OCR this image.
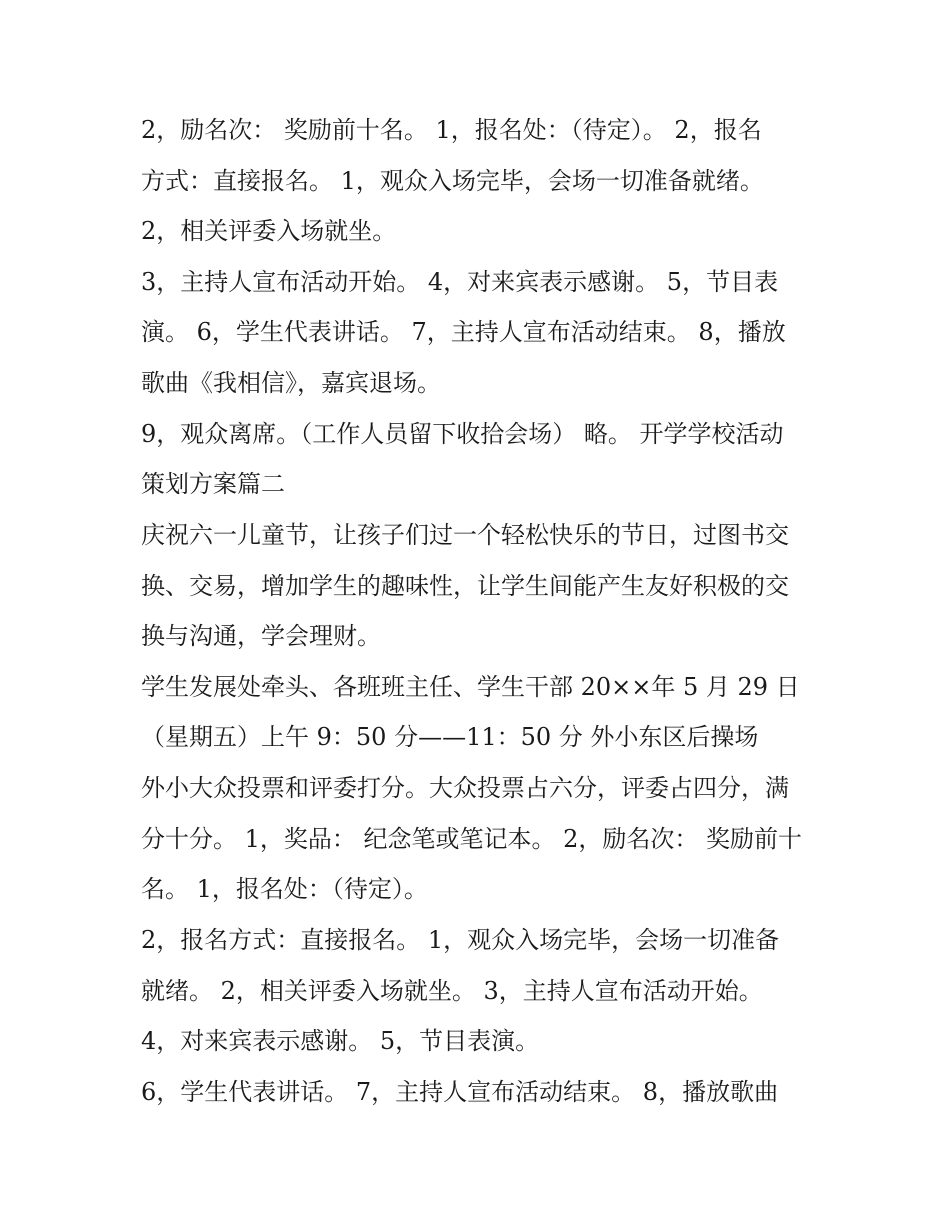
2，励名次： 奖励前十名。 1，报名处：（待定）。 2，报名
方式：直接报名。 1，观众入场完毕，会场一切准备就绪。
2，相关评委入场就坐。
3，主持人宣布活动开始。 4，对来宾表示感谢。 5，节目表
演。 6，学生代表讲话。 7，主持人宣布活动结束。 8，播放
歌曲《我相信》，嘉宾退场。
9，观众离席。（工作人员留下收拾会场） 略。 开学学校活动
策划方案篇二
庆祝六一儿童节，让孩子们过一个轻松快乐的节日，过图书交
换、交易，增加学生的趣味性，让学生间能产生友好积极的交
换与沟通，学会理财。
学生发展处牵头、各班班主任、学生干部 20××年 5 月 29 日
（星期五）上午 9：50 分——11：50 分 外小东区后操场
外小大众投票和评委打分。大众投票占六分，评委占四分，满
分十分。 1，奖品： 纪念笔或笔记本。 2，励名次： 奖励前十
名。 1，报名处：（待定）。
2，报名方式：直接报名。 1，观众入场完毕，会场一切准备
就绪。 2，相关评委入场就坐。 3，主持人宣布活动开始。
4，对来宾表示感谢。 5，节目表演。
6，学生代表讲话。 7，主持人宣布活动结束。 8，播放歌曲
